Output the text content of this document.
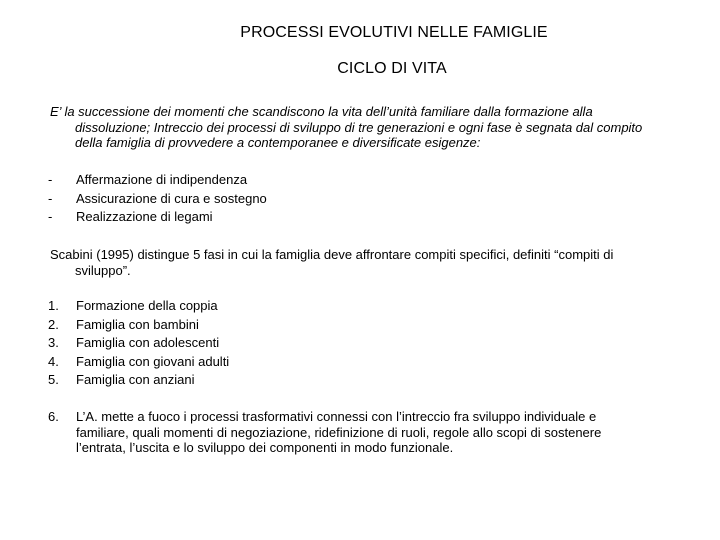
PROCESSI EVOLUTIVI NELLE FAMIGLIE
CICLO DI VITA
E’ la successione dei momenti che scandiscono la vita dell’unità familiare dalla formazione alla dissoluzione; Intreccio dei processi di sviluppo di tre generazioni e ogni fase è segnata dal compito della famiglia di provvedere a contemporanee e diversificate esigenze:
- Affermazione di indipendenza
- Assicurazione di cura e sostegno
- Realizzazione di legami
Scabini (1995) distingue 5 fasi in cui la famiglia deve affrontare compiti specifici, definiti “compiti di
sviluppo”.
1. Formazione della coppia
2. Famiglia con bambini
3. Famiglia con adolescenti
4. Famiglia con giovani adulti
5. Famiglia con anziani
6.	L’A. mette a fuoco i processi trasformativi connessi con l’intreccio fra sviluppo individuale e familiare, quali momenti di negoziazione, ridefinizione di ruoli, regole allo scopi di sostenere l’entrata, l’uscita e lo sviluppo dei componenti in modo funzionale.
